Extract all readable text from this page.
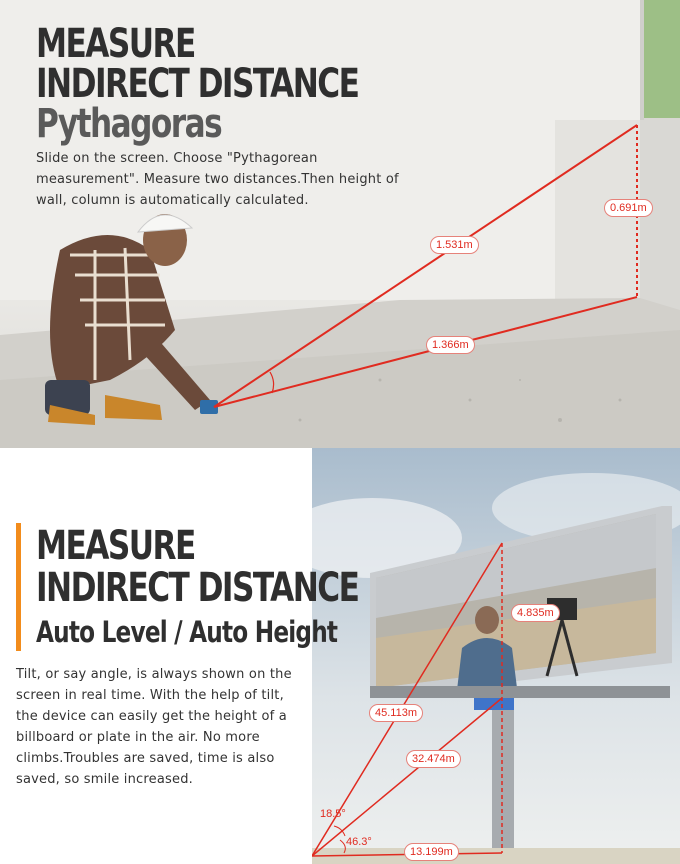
MEASURE
INDIRECT DISTANCE
Pythagoras

Slide on the screen. Choose "Pythagorean measurement". Measure two distances.Then height of wall, column is automatically calculated.

1.531m
0.691m
1.366m
MEASURE
INDIRECT DISTANCE
Auto Level / Auto Height

Tilt, or say angle, is always shown on the screen in real time. With the help of tilt, the device can easily get the height of a billboard or plate in the air. No more climbs.Troubles are saved, time is also saved, so smile increased.

4.835m
45.113m
32.474m
13.199m
18.5°
46.3°
